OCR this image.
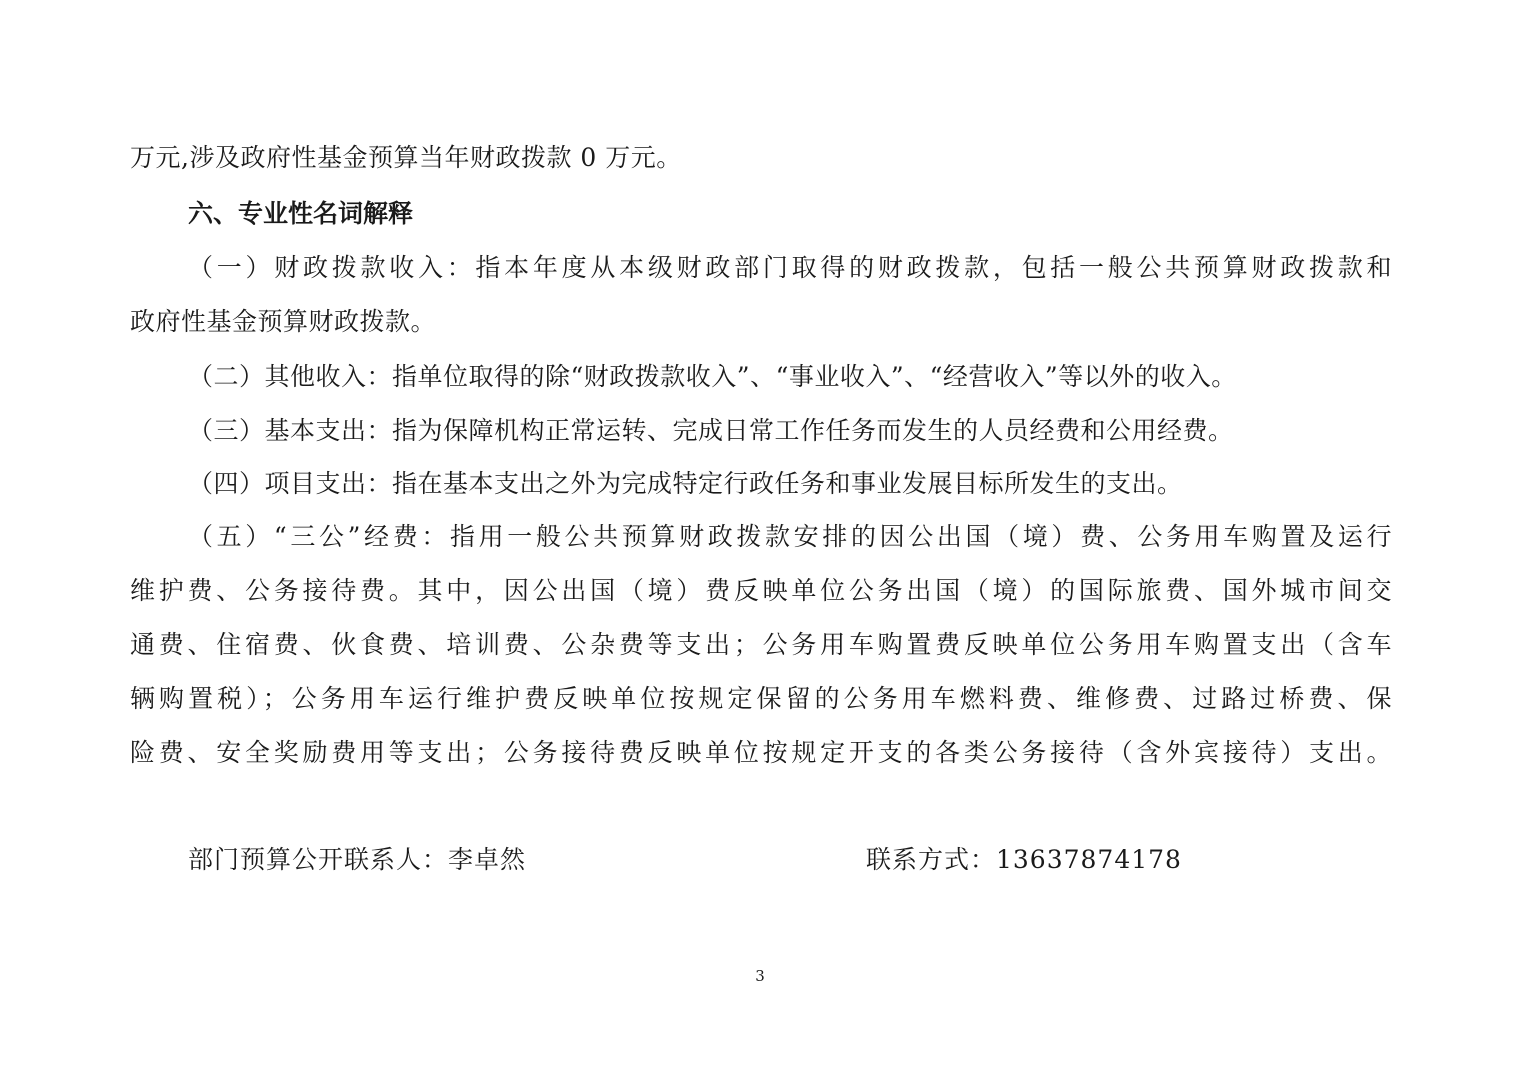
万元,涉及政府性基金预算当年财政拨款 0 万元。
六、专业性名词解释
（一）财政拨款收入：指本年度从本级财政部门取得的财政拨款，包括一般公共预算财政拨款和
政府性基金预算财政拨款。
（二）其他收入：指单位取得的除“财政拨款收入”、“事业收入”、“经营收入”等以外的收入。
（三）基本支出：指为保障机构正常运转、完成日常工作任务而发生的人员经费和公用经费。
（四）项目支出：指在基本支出之外为完成特定行政任务和事业发展目标所发生的支出。
（五）“三公”经费：指用一般公共预算财政拨款安排的因公出国（境）费、公务用车购置及运行
维护费、公务接待费。其中，因公出国（境）费反映单位公务出国（境）的国际旅费、国外城市间交
通费、住宿费、伙食费、培训费、公杂费等支出；公务用车购置费反映单位公务用车购置支出（含车
辆购置税）；公务用车运行维护费反映单位按规定保留的公务用车燃料费、维修费、过路过桥费、保
险费、安全奖励费用等支出；公务接待费反映单位按规定开支的各类公务接待（含外宾接待）支出。
部门预算公开联系人：李卓然	联系方式：13637874178
3
